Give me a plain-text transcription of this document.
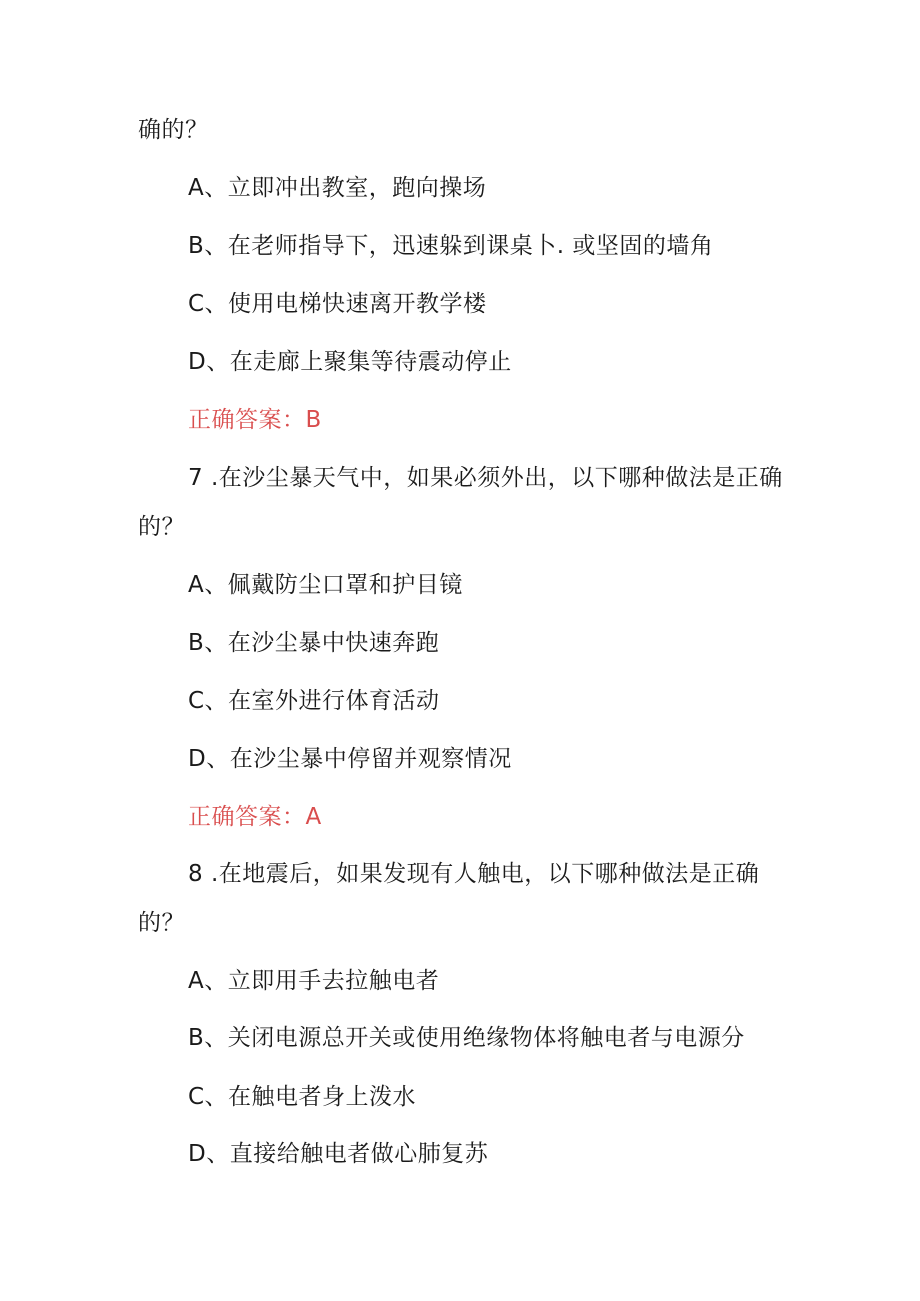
确的？
A、立即冲出教室，跑向操场
B、在老师指导下，迅速躲到课桌卜. 或坚固的墙角
C、使用电梯快速离开教学楼
D、在走廊上聚集等待震动停止
正确答案：B
7 .在沙尘暴天气中，如果必须外出，以下哪种做法是正确
的？
A、佩戴防尘口罩和护目镜
B、在沙尘暴中快速奔跑
C、在室外进行体育活动
D、在沙尘暴中停留并观察情况
正确答案：A
8 .在地震后，如果发现有人触电，以下哪种做法是正确
的？
A、立即用手去拉触电者
B、关闭电源总开关或使用绝缘物体将触电者与电源分
C、在触电者身上泼水
D、直接给触电者做心肺复苏
